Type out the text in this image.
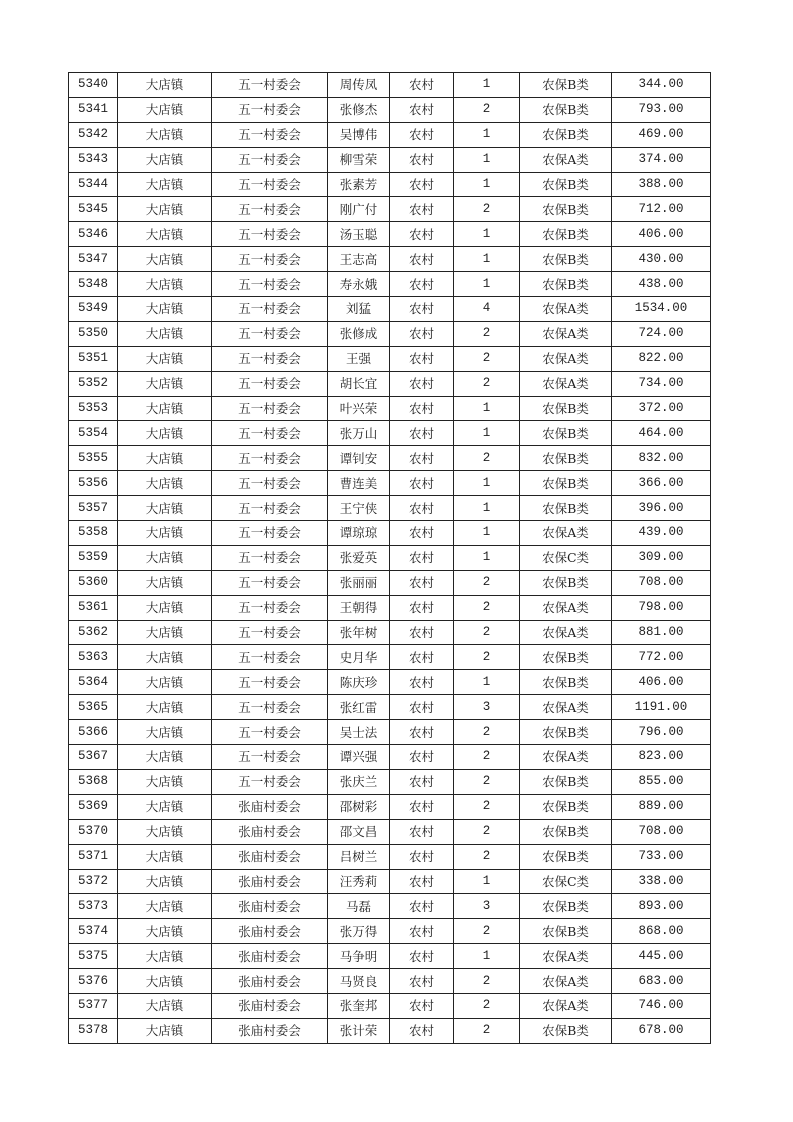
5340	大店镇	五一村委会	周传凤	农村	1	农保B类	344.00
5341	大店镇	五一村委会	张修杰	农村	2	农保B类	793.00
5342	大店镇	五一村委会	吴博伟	农村	1	农保B类	469.00
5343	大店镇	五一村委会	柳雪荣	农村	1	农保A类	374.00
5344	大店镇	五一村委会	张素芳	农村	1	农保B类	388.00
5345	大店镇	五一村委会	刚广付	农村	2	农保B类	712.00
5346	大店镇	五一村委会	汤玉聪	农村	1	农保B类	406.00
5347	大店镇	五一村委会	王志高	农村	1	农保B类	430.00
5348	大店镇	五一村委会	寿永娥	农村	1	农保B类	438.00
5349	大店镇	五一村委会	刘猛	农村	4	农保A类	1534.00
5350	大店镇	五一村委会	张修成	农村	2	农保A类	724.00
5351	大店镇	五一村委会	王强	农村	2	农保A类	822.00
5352	大店镇	五一村委会	胡长宜	农村	2	农保A类	734.00
5353	大店镇	五一村委会	叶兴荣	农村	1	农保B类	372.00
5354	大店镇	五一村委会	张万山	农村	1	农保B类	464.00
5355	大店镇	五一村委会	谭钊安	农村	2	农保B类	832.00
5356	大店镇	五一村委会	曹连美	农村	1	农保B类	366.00
5357	大店镇	五一村委会	王宁侠	农村	1	农保B类	396.00
5358	大店镇	五一村委会	谭琼琼	农村	1	农保A类	439.00
5359	大店镇	五一村委会	张爱英	农村	1	农保C类	309.00
5360	大店镇	五一村委会	张丽丽	农村	2	农保B类	708.00
5361	大店镇	五一村委会	王朝得	农村	2	农保A类	798.00
5362	大店镇	五一村委会	张年树	农村	2	农保A类	881.00
5363	大店镇	五一村委会	史月华	农村	2	农保B类	772.00
5364	大店镇	五一村委会	陈庆珍	农村	1	农保B类	406.00
5365	大店镇	五一村委会	张红雷	农村	3	农保A类	1191.00
5366	大店镇	五一村委会	吴士法	农村	2	农保B类	796.00
5367	大店镇	五一村委会	谭兴强	农村	2	农保A类	823.00
5368	大店镇	五一村委会	张庆兰	农村	2	农保B类	855.00
5369	大店镇	张庙村委会	邵树彩	农村	2	农保B类	889.00
5370	大店镇	张庙村委会	邵文昌	农村	2	农保B类	708.00
5371	大店镇	张庙村委会	吕树兰	农村	2	农保B类	733.00
5372	大店镇	张庙村委会	汪秀莉	农村	1	农保C类	338.00
5373	大店镇	张庙村委会	马磊	农村	3	农保B类	893.00
5374	大店镇	张庙村委会	张万得	农村	2	农保B类	868.00
5375	大店镇	张庙村委会	马争明	农村	1	农保A类	445.00
5376	大店镇	张庙村委会	马贤良	农村	2	农保A类	683.00
5377	大店镇	张庙村委会	张奎邦	农村	2	农保A类	746.00
5378	大店镇	张庙村委会	张计荣	农村	2	农保B类	678.00
